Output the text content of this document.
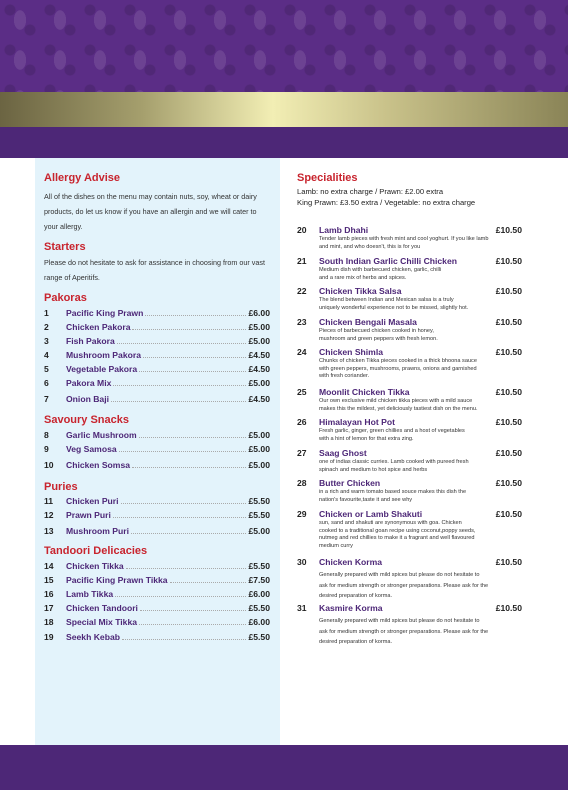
Allergy Advise
All of the dishes on the menu may contain nuts, soy, wheat or dairy products, do let us know if you have an allergin and we will cater to your allergy.
Starters
Please do not hesitate to ask for assistance in choosing from our vast range of Aperitifs.
Pakoras
1	Pacific King Prawn	£6.00
2	Chicken Pakora	£5.00
3	Fish Pakora	£5.00
4	Mushroom Pakora	£4.50
5	Vegetable Pakora	£4.50
6	Pakora Mix	£5.00
7	Onion Baji	£4.50
Savoury Snacks
8	Garlic Mushroom	£5.00
9	Veg Samosa	£5.00
10	Chicken Somsa	£5.00
Puries
11	Chicken Puri	£5.50
12	Prawn Puri	£5.50
13	Mushroom Puri	£5.00
Tandoori Delicacies
14	Chicken Tikka	£5.50
15	Pacific King Prawn Tikka	£7.50
16	Lamb Tikka	£6.00
17	Chicken Tandoori	£5.50
18	Special Mix Tikka	£6.00
19	Seekh Kebab	£5.50
Specialities
Lamb: no extra charge / Prawn: £2.00 extra
King Prawn: £3.50 extra / Vegetable: no extra charge
20	Lamb Dhahi	£10.50
Tender lamb pieces with fresh mint and cool yoghurt. If you like lamb
and mint, and who doesn't, this is for you
21	South Indian Garlic Chilli Chicken	£10.50
Medium dish with barbecued chicken, garlic, chilli
and a rare mix of herbs and spices.
22	Chicken Tikka Salsa	£10.50
The blend between Indian and Mexican salsa is a truly
uniquely wonderful experience not to be missed, slightly hot.
23	Chicken Bengali Masala	£10.50
Pieces of barbecued chicken cooked in honey,
mushroom and green peppers with fresh lemon.
24	Chicken Shimla	£10.50
Chunks of chicken Tikka pieces cooked in a thick bhoona sauce
with green peppers, mushrooms, prawns, onions and garnished
with fresh coriander.
25	Moonlit Chicken Tikka	£10.50
Our own exclusive mild chicken tikka pieces with a mild sauce
makes this the mildest, yet deliciously tastiest dish on the menu.
26	Himalayan Hot Pot	£10.50
Fresh garlic, ginger, green chillies and a host of vegetables
with a hint of lemon for that extra zing.
27	Saag Ghost	£10.50
one of indias classic curries. Lamb cooked with pureed fresh
spinach and medium to hot spice and herbs
28	Butter Chicken	£10.50
in a rich and warm tomato based souce makes this dish the
nation's favourite,taste it and see why
29	Chicken or Lamb Shakuti	£10.50
sun, sand and shakuti are synonymous with goa. Chicken
cooked to a traditional goan recipe using coconut,poppy seeds,
nutmeg and red chillies to make it a fragrant and well flavoured
medium curry
30	Chicken Korma	£10.50
Generally prepared with mild spices but please do not hesitate to
ask for medium strength or stronger preparations. Please ask for the
desired preparation of korma.
31	Kasmire Korma	£10.50
Generally prepared with mild spices but please do not hesitate to
ask for medium strength or stronger preparations. Please ask for the
desired preparation of korma.
